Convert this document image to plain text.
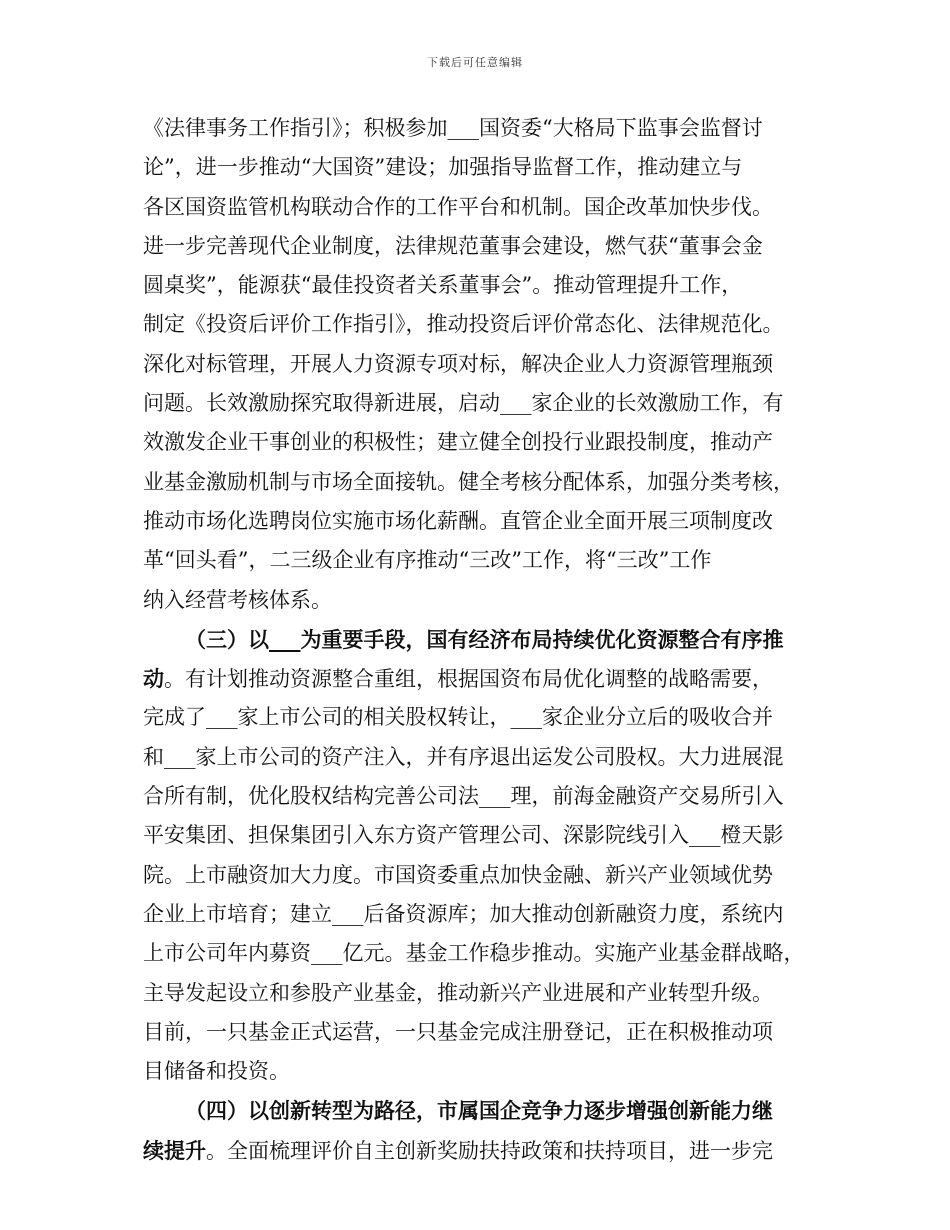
下载后可任意编辑
《法律事务工作指引》；积极参加___国资委“大格局下监事会监督讨
论”，进一步推动“大国资”建设；加强指导监督工作，推动建立与
各区国资监管机构联动合作的工作平台和机制。国企改革加快步伐。
进一步完善现代企业制度，法律规范董事会建设，燃气获“董事会金
圆桌奖”，能源获“最佳投资者关系董事会”。推动管理提升工作，
制定《投资后评价工作指引》，推动投资后评价常态化、法律规范化。
深化对标管理，开展人力资源专项对标，解决企业人力资源管理瓶颈
问题。长效激励探究取得新进展，启动___家企业的长效激励工作，有
效激发企业干事创业的积极性；建立健全创投行业跟投制度，推动产
业基金激励机制与市场全面接轨。健全考核分配体系，加强分类考核，
推动市场化选聘岗位实施市场化薪酬。直管企业全面开展三项制度改
革“回头看”，二三级企业有序推动“三改”工作，将“三改”工作
纳入经营考核体系。
（三）以___为重要手段，国有经济布局持续优化资源整合有序推
动。有计划推动资源整合重组，根据国资布局优化调整的战略需要，
完成了___家上市公司的相关股权转让，___家企业分立后的吸收合并
和___家上市公司的资产注入，并有序退出运发公司股权。大力进展混
合所有制，优化股权结构完善公司法___理，前海金融资产交易所引入
平安集团、担保集团引入东方资产管理公司、深影院线引入___橙天影
院。上市融资加大力度。市国资委重点加快金融、新兴产业领域优势
企业上市培育；建立___后备资源库；加大推动创新融资力度，系统内
上市公司年内募资___亿元。基金工作稳步推动。实施产业基金群战略，
主导发起设立和参股产业基金，推动新兴产业进展和产业转型升级。
目前，一只基金正式运营，一只基金完成注册登记，正在积极推动项
目储备和投资。
（四）以创新转型为路径，市属国企竞争力逐步增强创新能力继
续提升。全面梳理评价自主创新奖励扶持政策和扶持项目，进一步完
